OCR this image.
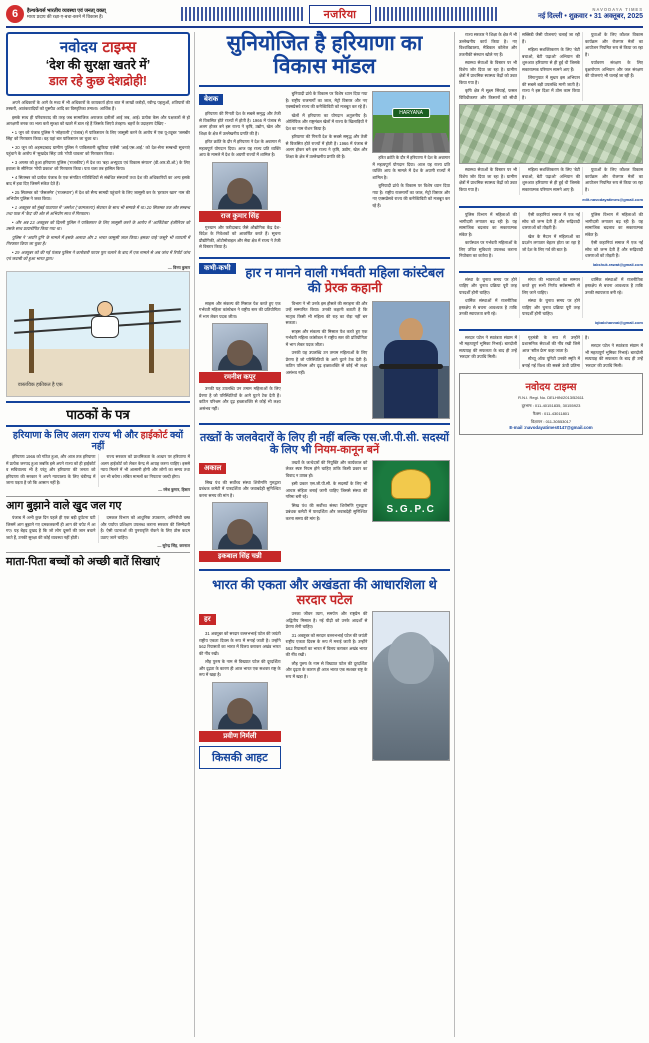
6	हैल्थकेयर्स भारतीय व्यवस्था एवं जनता् वक्ता्
माध्य प्रदाय की रक्षा-ए-बचा-करने में विकास हैं।	नजरिया	NAVODAYA TIMES
नई दिल्ली • शुक्रवार • 31 अक्तूबर, 2025
नवोदय टाइम्स
‘देश की सुरक्षा खतरे में’
डाल रहे कुछ देशद्रोही!

अपने अधिकारों के आगे के मध्य में भी अधिकारों के कायकर्ता होता बात में लाखों करोड़ों, रवीन्द्र पहलुओं, शतियारों की तस्करी, आतंकवादियों को घुसपैठ आदि का विस्तृतिका तमाशा। आर्थिक हैं।

इसके साथ ही परिवारवाद की तरह जब सामाजिक अराजक दलीलों आई जब, आई। प्रत्येक केस और पक्षकारों से हो आरक्षणी बनक का भला करो सुरक्षा को खतरे में डाल रहे हैं जिसके जिएये तंत्रहण। बहरों के उदाहरण देखिए -

• 1 जून को पंजाब पुलिस ने ‘सोहराली’ (‘पंजाब) में पाकिस्तान के लिए जासूसी करने के आरोप में एक यू-ट्यूबर ‘जसबीर सिंह’ को गिरफ्तार किया। वह यहां बार पाकिस्तान जा चुका था।

• 20 जून को अहमदाबाद ग्रामीण पुलिस ने पाकिस्तानी खुफिया एजेंसी ‘आई.एस.आई.’ को देश-सेना सम्बन्धी सूचनाएं पहुंचाने के आरोप में ‘सुखदेव सिंह’ उर्फ ‘गोपी चावला’ को गिरफ्तार किया।

• 3 अगस्त को हुआ हरियाणा पुलिस (‘राजकीय’) में देश का ‘बहा अभ्युदय एवं विकास संगठन’ (डी.आर.डी.ओ.) के लिए हवाला के सीनियर ‘गोपी प्रकाश’ को गिरफ्तार किया। पता चला तब हासिल किया।

• 4 सितम्बर को प्रत्येक पंजाब के एक संगठित गतिविधियों से संबंधित संस्थानों तथा देश की अधिकारियों का अन्य इसके बाद में हवा दिए जिसमें संकेत देते हैं।

• 25 सितम्बर को ‘जैसलमेर’ (‘राजस्थान’) में देश को सैन्य सामग्री पहुंचाने के लिए जासूसी कर के ‘इरफान खान’ नाम की अभियोग पुलिस ने जब्त किया।

• 1 अक्तूबर को मुंबई यातायार में ‘अमरेश’ (‘कामजज्य’) सेवारत के साथ भी सम्पर्क में था। 20 सितम्बर तक और सम्बन्ध तथा पाक में ‘कैद’ की ओर से अभियोग साथ में गिरफ्तार।

• और अब 23 अक्तूबर को दिल्ली पुलिस ने पाकिस्तान के लिए जासूसी करने के आरोप में ‘आर्किटेक्ट’ इंजीनियर को उसके साथ प्रत्यारोपित किया गया था।

पुलिस ने ‘अपनि दुनि’ के मामले में इसके अलावा और 2 भारत जासूसी जाल किया। इसका चाहे ‘कसूरे’ भी व्यापारी में गिरफ्तार किया जा चुका है।

• 29 अक्तूबर को की गई पंजाब पुलिस ने कारोबारी फायर पूरा चलाने के बाद में एक मामले से अब जांच में रिपोर्ट जांच एवं जवाबी को हुआ भारत द्वारा।

— विनय कुमार
वास्तविक हकीकत है एक
पाठकों के पत्र
हरियाणा के लिए अलग राज्य भी और हाईकोर्ट क्यों नहीं

हरियाणा 1966 को गठित हुआ, और आज तक हरियाणा में प्रत्येक जनपद हुआ जबकि इसे अपने राज्य को ही हाईकोर्ट व सचिवालय भी है परंतु और हरियाणा की जनता को हरियाणा की सरकार ने अपने न्यायालय के लिए चंडीगढ़ में जाना पड़ता है जो कि आसान नहीं है।

राज्य सरकार को प्राथमिकता के आधार पर हरियाणा में अलग हाईकोर्ट को लेकर केन्द्र से आग्रह करना चाहिए। इससे न्याय मिलने में भी आसानी होगी और लोगों का समय तथा धन भी बचेगा। लंबित मामलों का निपटारा जल्दी होगा।

— रमेश कुमार, हिसार
आग बुझाने वाले खुद जल गए

पंजाब में अभी कुछ दिन पहले ही एक बड़ी दुर्घटना घटी जिसमें आग बुझाने गए दमकलकर्मी ही आग की चपेट में आ गए। यह बेहद दुखद है कि जो लोग दूसरों की जान बचाने जाते हैं, उनकी सुरक्षा की कोई व्यवस्था नहीं होती।

दमकल विभाग को आधुनिक उपकरण, अग्निरोधी वस्त्र और पर्याप्त प्रशिक्षण उपलब्ध कराना सरकार की जिम्मेदारी है। ऐसी घटनाओं की पुनरावृत्ति रोकने के लिए ठोस कदम उठाए जाने चाहिए।

— सुरेन्द्र सिंह, करनाल
माता-पिता बच्चों को अच्छी बातें सिखाएं
सुनियोजित है हरियाणा का विकास मॉडल
बेशक

हरियाणा की गिनती देश के सबसे समृद्ध और तेजी से विकसित होते राज्यों में होती है। 1966 में पंजाब से अलग होकर बने इस राज्य ने कृषि, उद्योग, खेल और शिक्षा के क्षेत्र में उल्लेखनीय प्रगति की है।

हरित क्रांति के दौर में हरियाणा ने देश के अन्नागार में महत्वपूर्ण योगदान दिया। आज यह राज्य प्रति व्यक्ति आय के मामले में देश के अग्रणी राज्यों में शामिल है।

राज कुमार सिंह

गुरुग्राम और फरीदाबाद जैसे औद्योगिक केंद्र देश-विदेश के निवेशकों को आकर्षित करते हैं। सूचना प्रौद्योगिकी, ऑटोमोबाइल और सेवा क्षेत्र में राज्य ने तेजी से विस्तार किया है।

बुनियादी ढांचे के विकास पर विशेष ध्यान दिया गया है। राष्ट्रीय राजमार्गों का जाल, मेट्रो विस्तार और नए एक्सप्रेसवे राज्य की कनेक्टिविटी को मजबूत कर रहे हैं।

खेलों में हरियाणा का योगदान अतुलनीय है। ओलिंपिक और राष्ट्रमंडल खेलों में राज्य के खिलाड़ियों ने देश का नाम रोशन किया है।

हरियाणा की गिनती देश के सबसे समृद्ध और तेजी से विकसित होते राज्यों में होती है। 1966 में पंजाब से अलग होकर बने इस राज्य ने कृषि, उद्योग, खेल और शिक्षा के क्षेत्र में उल्लेखनीय प्रगति की है।

HARYANA

हरित क्रांति के दौर में हरियाणा ने देश के अन्नागार में महत्वपूर्ण योगदान दिया। आज यह राज्य प्रति व्यक्ति आय के मामले में देश के अग्रणी राज्यों में शामिल है।

बुनियादी ढांचे के विकास पर विशेष ध्यान दिया गया है। राष्ट्रीय राजमार्गों का जाल, मेट्रो विस्तार और नए एक्सप्रेसवे राज्य की कनेक्टिविटी को मजबूत कर रहे हैं।

कभी-कभी	हार न मानने वाली गर्भवती महिला कांस्टेबल की प्रेरक कहानी

साहस और संकल्प की मिसाल पेश करते हुए एक गर्भवती महिला कांस्टेबल ने राष्ट्रीय स्तर की प्रतियोगिता में भाग लेकर पदक जीता।

रमनीश कपूर

उनकी यह उपलब्धि उन तमाम महिलाओं के लिए प्रेरणा है जो परिस्थितियों के आगे घुटने टेक देती हैं। कठिन परिश्रम और दृढ़ इच्छाशक्ति से कोई भी लक्ष्य असंभव नहीं।

विभाग ने भी उनके इस हौसले की सराहना की और उन्हें सम्मानित किया। उनकी कहानी बताती है कि मातृत्व किसी भी महिला की राह का रोड़ा नहीं बन सकता।

साहस और संकल्प की मिसाल पेश करते हुए एक गर्भवती महिला कांस्टेबल ने राष्ट्रीय स्तर की प्रतियोगिता में भाग लेकर पदक जीता।

उनकी यह उपलब्धि उन तमाम महिलाओं के लिए प्रेरणा है जो परिस्थितियों के आगे घुटने टेक देती हैं। कठिन परिश्रम और दृढ़ इच्छाशक्ति से कोई भी लक्ष्य असंभव नहीं।

तख्तों के जलवेदारों के लिए ही नहीं बल्कि एस.जी.पी.सी. सदस्यों के लिए भी नियम-कानून बनें
अकाल

सिख पंथ की सर्वोच्च संस्था शिरोमणि गुरुद्वारा प्रबंधक कमेटी में पारदर्शिता और जवाबदेही सुनिश्चित करना समय की मांग है।

इकबाल सिंह चन्नी

तख्तों के जत्थेदारों की नियुक्ति और कार्यकाल को लेकर स्पष्ट नियम होने चाहिए ताकि किसी प्रकार का विवाद न उत्पन्न हो।

इसी प्रकार एस.जी.पी.सी. के सदस्यों के लिए भी आचार संहिता बनाई जानी चाहिए जिससे संस्था की गरिमा बनी रहे।

सिख पंथ की सर्वोच्च संस्था शिरोमणि गुरुद्वारा प्रबंधक कमेटी में पारदर्शिता और जवाबदेही सुनिश्चित करना समय की मांग है।

S.G.P.C
भारत की एकता और अखंडता की आधारशिला थे सरदार पटेल
हर

31 अक्तूबर को सरदार वल्लभभाई पटेल की जयंती राष्ट्रीय एकता दिवस के रूप में मनाई जाती है। उन्होंने 562 रियासतों का भारत में विलय कराकर अखंड भारत की नींव रखी।

लौह पुरुष के नाम से विख्यात पटेल की दूरदर्शिता और दृढ़ता के कारण ही आज भारत एक सशक्त राष्ट्र के रूप में खड़ा है।

प्रवीण निर्मली
किसकी आहट

उनका जीवन त्याग, समर्पण और राष्ट्रप्रेम की अद्वितीय मिसाल है। नई पीढ़ी को उनके आदर्शों से प्रेरणा लेनी चाहिए।

31 अक्तूबर को सरदार वल्लभभाई पटेल की जयंती राष्ट्रीय एकता दिवस के रूप में मनाई जाती है। उन्होंने 562 रियासतों का भारत में विलय कराकर अखंड भारत की नींव रखी।

लौह पुरुष के नाम से विख्यात पटेल की दूरदर्शिता और दृढ़ता के कारण ही आज भारत एक सशक्त राष्ट्र के रूप में खड़ा है।

राज्य सरकार ने शिक्षा के क्षेत्र में भी उल्लेखनीय कार्य किया है। नए विश्वविद्यालय, मेडिकल कॉलेज और तकनीकी संस्थान खोले गए हैं।

स्वास्थ्य सेवाओं के विस्तार पर भी विशेष जोर दिया जा रहा है। ग्रामीण क्षेत्रों में प्राथमिक स्वास्थ्य केंद्रों को उन्नत किया गया है।

कृषि क्षेत्र में सूक्ष्म सिंचाई, फसल विविधीकरण और किसानों को सीधी सब्सिडी जैसी योजनाएं चलाई जा रही हैं।

महिला सशक्तिकरण के लिए ‘बेटी बचाओ, बेटी पढ़ाओ’ अभियान की शुरुआत हरियाणा से ही हुई थी जिसके सकारात्मक परिणाम सामने आए हैं।

लिंगानुपात में सुधार इस अभियान की सबसे बड़ी उपलब्धि मानी जाती है। राज्य ने इस दिशा में ठोस काम किया है।

युवाओं के लिए कौशल विकास कार्यक्रम और रोजगार मेलों का आयोजन नियमित रूप से किया जा रहा है।

पर्यावरण संरक्षण के लिए वृक्षारोपण अभियान और जल संरक्षण की योजनाएं भी चलाई जा रही हैं।

स्वास्थ्य सेवाओं के विस्तार पर भी विशेष जोर दिया जा रहा है। ग्रामीण क्षेत्रों में प्राथमिक स्वास्थ्य केंद्रों को उन्नत किया गया है।

महिला सशक्तिकरण के लिए ‘बेटी बचाओ, बेटी पढ़ाओ’ अभियान की शुरुआत हरियाणा से ही हुई थी जिसके सकारात्मक परिणाम सामने आए हैं।

युवाओं के लिए कौशल विकास कार्यक्रम और रोजगार मेलों का आयोजन नियमित रूप से किया जा रहा है।

edit.navodayatimes@gmail.com

पुलिस विभाग में महिलाओं की भागीदारी लगातार बढ़ रही है। यह सामाजिक बदलाव का सकारात्मक संकेत है।

कार्यस्थल पर गर्भवती महिलाओं के लिए उचित सुविधाएं उपलब्ध कराना नियोक्ता का कर्तव्य है।

ऐसी कहानियां समाज में एक नई सोच को जन्म देती हैं और रूढ़िवादी धारणाओं को तोड़ती हैं।

खेल के मैदान में महिलाओं का प्रदर्शन लगातार बेहतर होता जा रहा है जो देश के लिए गर्व की बात है।

पुलिस विभाग में महिलाओं की भागीदारी लगातार बढ़ रही है। यह सामाजिक बदलाव का सकारात्मक संकेत है।

ऐसी कहानियां समाज में एक नई सोच को जन्म देती हैं और रूढ़िवादी धारणाओं को तोड़ती हैं।

lakshuk.rawat@gmail.com

संस्था के चुनाव समय पर होने चाहिए और चुनाव प्रक्रिया पूरी तरह पारदर्शी होनी चाहिए।

धार्मिक संस्थाओं में राजनीतिक हस्तक्षेप से बचना आवश्यक है ताकि उनकी स्वायत्तता बनी रहे।

संगत की भावनाओं का सम्मान करते हुए सभी निर्णय सर्वसम्मति से लिए जाने चाहिए।

संस्था के चुनाव समय पर होने चाहिए और चुनाव प्रक्रिया पूरी तरह पारदर्शी होनी चाहिए।

धार्मिक संस्थाओं में राजनीतिक हस्तक्षेप से बचना आवश्यक है ताकि उनकी स्वायत्तता बनी रहे।

iqbalchannai@gmail.com

सरदार पटेल ने स्वतंत्रता संग्राम में भी महत्वपूर्ण भूमिका निभाई। बारदोली सत्याग्रह की सफलता के बाद ही उन्हें ‘सरदार’ की उपाधि मिली।

गृहमंत्री के रूप में उन्होंने प्रशासनिक सेवाओं की नींव रखी जिसे आज ‘स्टील फ्रेम’ कहा जाता है।

स्टैच्यू ऑफ यूनिटी उनकी स्मृति में बनाई गई विश्व की सबसे ऊंची प्रतिमा है।

सरदार पटेल ने स्वतंत्रता संग्राम में भी महत्वपूर्ण भूमिका निभाई। बारदोली सत्याग्रह की सफलता के बाद ही उन्हें ‘सरदार’ की उपाधि मिली।

नवोदय टाइम्स
R.N.I. Regi. No. DELHIN/2013/52611
दूरभाष : 011-40151835, 30155923
फैक्स : 011-43011801
विज्ञापन : 011-30553017
E-mail :navodayatimes0147@gmail.com
